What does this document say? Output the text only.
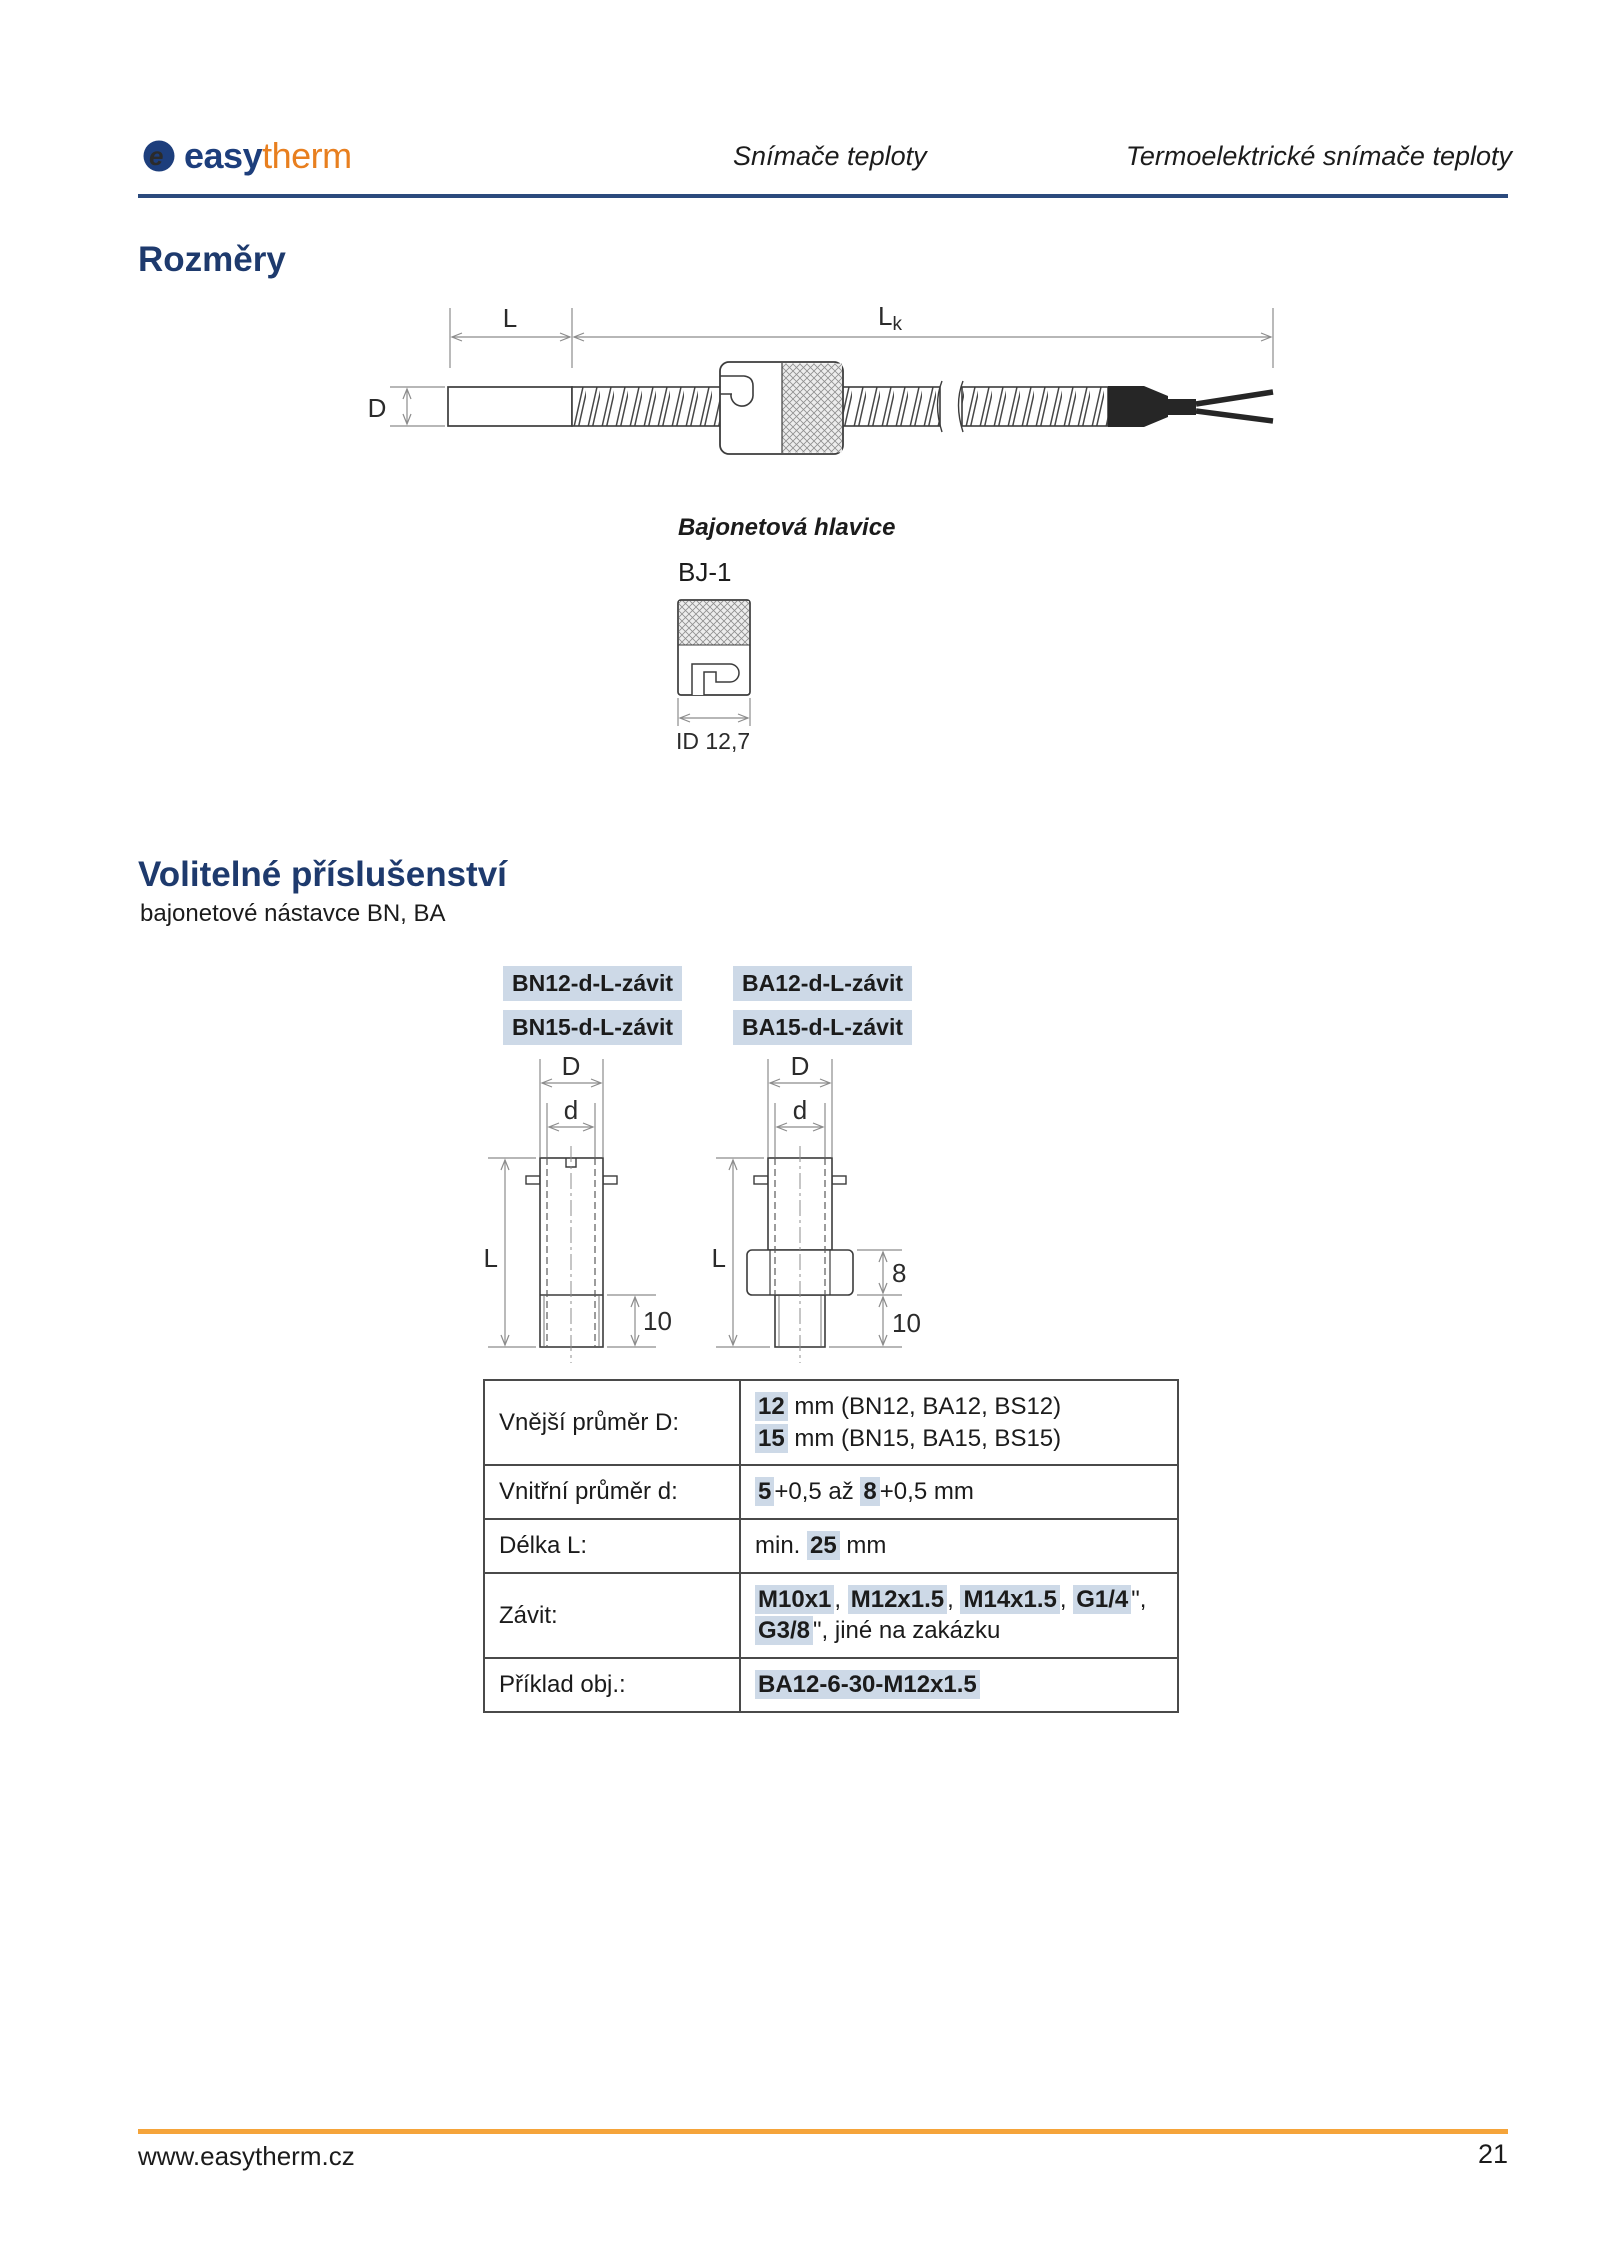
e easytherm	Snímače teploty	Termoelektrické snímače teploty
Rozměry
L	Lk
D
Bajonetová hlavice
BJ-1
ID 12,7
Volitelné příslušenství
bajonetové nástavce BN, BA
BN12-d-L-závit	BA12-d-L-závit
BN15-d-L-závit	BA15-d-L-závit
D
d
L
10
D
d
L	8
10
Vnější průměr D:	12 mm (BN12, BA12, BS12)
15 mm (BN15, BA15, BS15)

Vnitřní průměr d:	5 +0,5 až 8 +0,5 mm

Délka L:	min. 25 mm

Závit:	M10x1 , M12x1.5 , M14x1.5 , G1/4 ",
G3/8 ", jiné na zakázku

Příklad obj.:	BA12-6-30-M12x1.5
www.easytherm.cz	21
